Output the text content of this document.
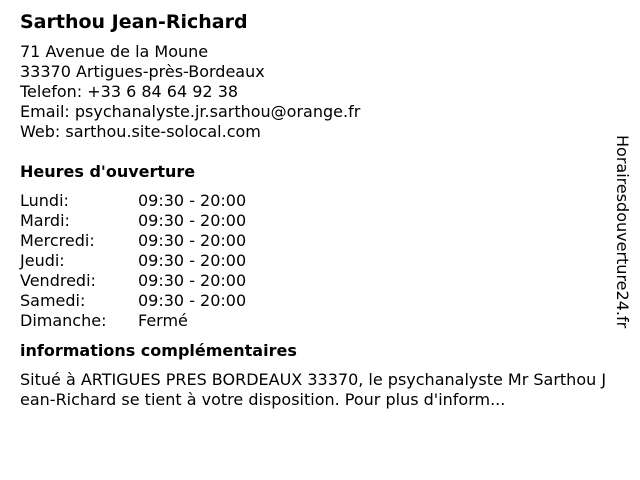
Sarthou Jean-Richard
71 Avenue de la Moune
33370 Artigues-près-Bordeaux
Telefon: +33 6 84 64 92 38
Email: psychanalyste.jr.sarthou@orange.fr
Web: sarthou.site-solocal.com
Heures d'ouverture
Lundi:	09:30 - 20:00
Mardi:	09:30 - 20:00
Mercredi:	09:30 - 20:00
Jeudi:	09:30 - 20:00
Vendredi:	09:30 - 20:00
Samedi:	09:30 - 20:00
Dimanche:	Fermé
informations complémentaires
Situé à ARTIGUES PRES BORDEAUX 33370, le psychanalyste Mr Sarthou Jean-Richard se tient à votre disposition. Pour plus d'inform...
Horairesdouverture24.fr
